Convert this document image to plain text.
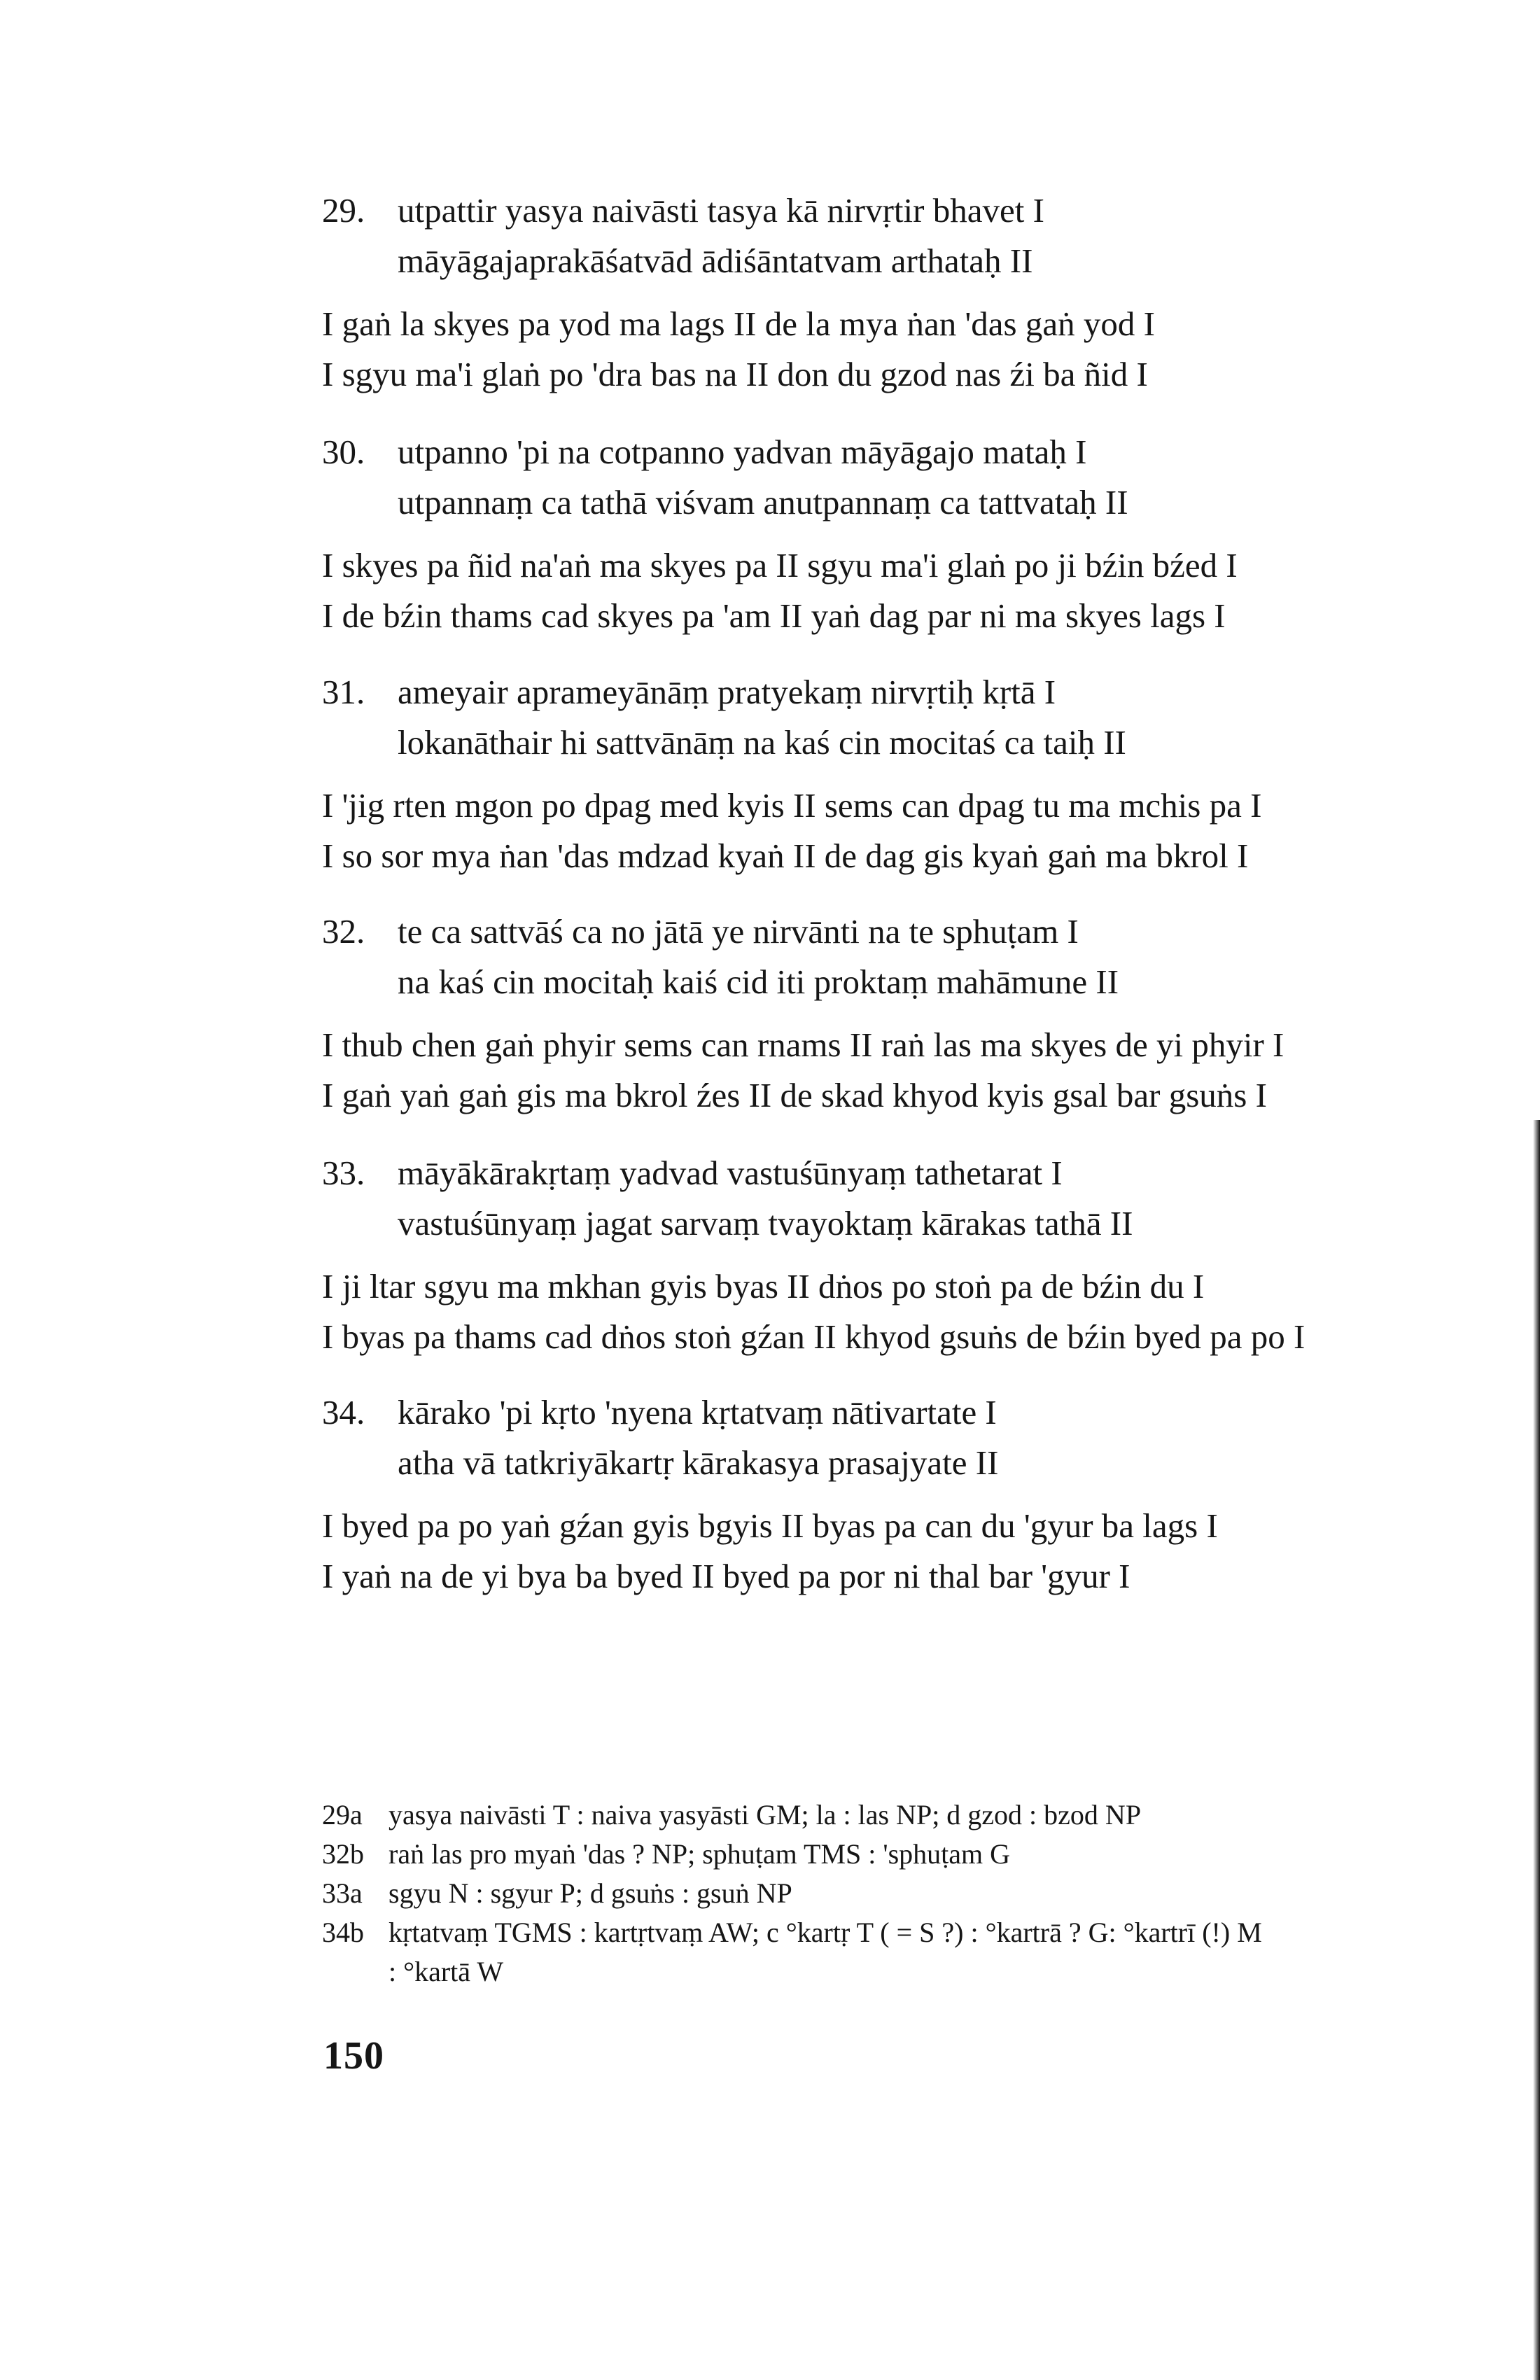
29. utpattir yasya naivāsti tasya kā nirvṛtir bhavet I
māyāgajaprakāśatvād ādiśāntatvam arthataḥ II
I gaṅ la skyes pa yod ma lags II de la mya ṅan 'das gaṅ yod I
I sgyu ma'i glaṅ po 'dra bas na II don du gzod nas źi ba ñid I
30. utpanno 'pi na cotpanno yadvan māyāgajo mataḥ I
utpannaṃ ca tathā viśvam anutpannaṃ ca tattvataḥ II
I skyes pa ñid na'aṅ ma skyes pa II sgyu ma'i glaṅ po ji bźin bźed I
I de bźin thams cad skyes pa 'am II yaṅ dag par ni ma skyes lags I
31. ameyair aprameyānāṃ pratyekaṃ nirvṛtiḥ kṛtā I
lokanāthair hi sattvānāṃ na kaś cin mocitaś ca taiḥ II
I 'jig rten mgon po dpag med kyis II sems can dpag tu ma mchis pa I
I so sor mya ṅan 'das mdzad kyaṅ II de dag gis kyaṅ gaṅ ma bkrol I
32. te ca sattvāś ca no jātā ye nirvānti na te sphuṭam I
na kaś cin mocitaḥ kaiś cid iti proktaṃ mahāmune II
I thub chen gaṅ phyir sems can rnams II raṅ las ma skyes de yi phyir I
I gaṅ yaṅ gaṅ gis ma bkrol źes II de skad khyod kyis gsal bar gsuṅs I
33. māyākārakṛtaṃ yadvad vastuśūnyaṃ tathetarat I
vastuśūnyaṃ jagat sarvaṃ tvayoktaṃ kārakas tathā II
I ji ltar sgyu ma mkhan gyis byas II dṅos po stoṅ pa de bźin du I
I byas pa thams cad dṅos stoṅ gźan II khyod gsuṅs de bźin byed pa po I
34. kārako 'pi kṛto 'nyena kṛtatvaṃ nātivartate I
atha vā tatkriyākartṛ kārakasya prasajyate II
I byed pa po yaṅ gźan gyis bgyis II byas pa can du 'gyur ba lags I
I yaṅ na de yi bya ba byed II byed pa por ni thal bar 'gyur I
29a yasya naivāsti T : naiva yasyāsti GM; la : las NP; d gzod : bzod NP
32b raṅ las pro myaṅ 'das ? NP; sphuṭam TMS : 'sphuṭam G
33a sgyu N : sgyur P; d gsuṅs : gsuṅ NP
34b kṛtatvaṃ TGMS : kartṛtvaṃ AW; c °kartṛ T ( = S ?) : °kartrā ? G: °kartrī (!) M
: °kartā W
150
